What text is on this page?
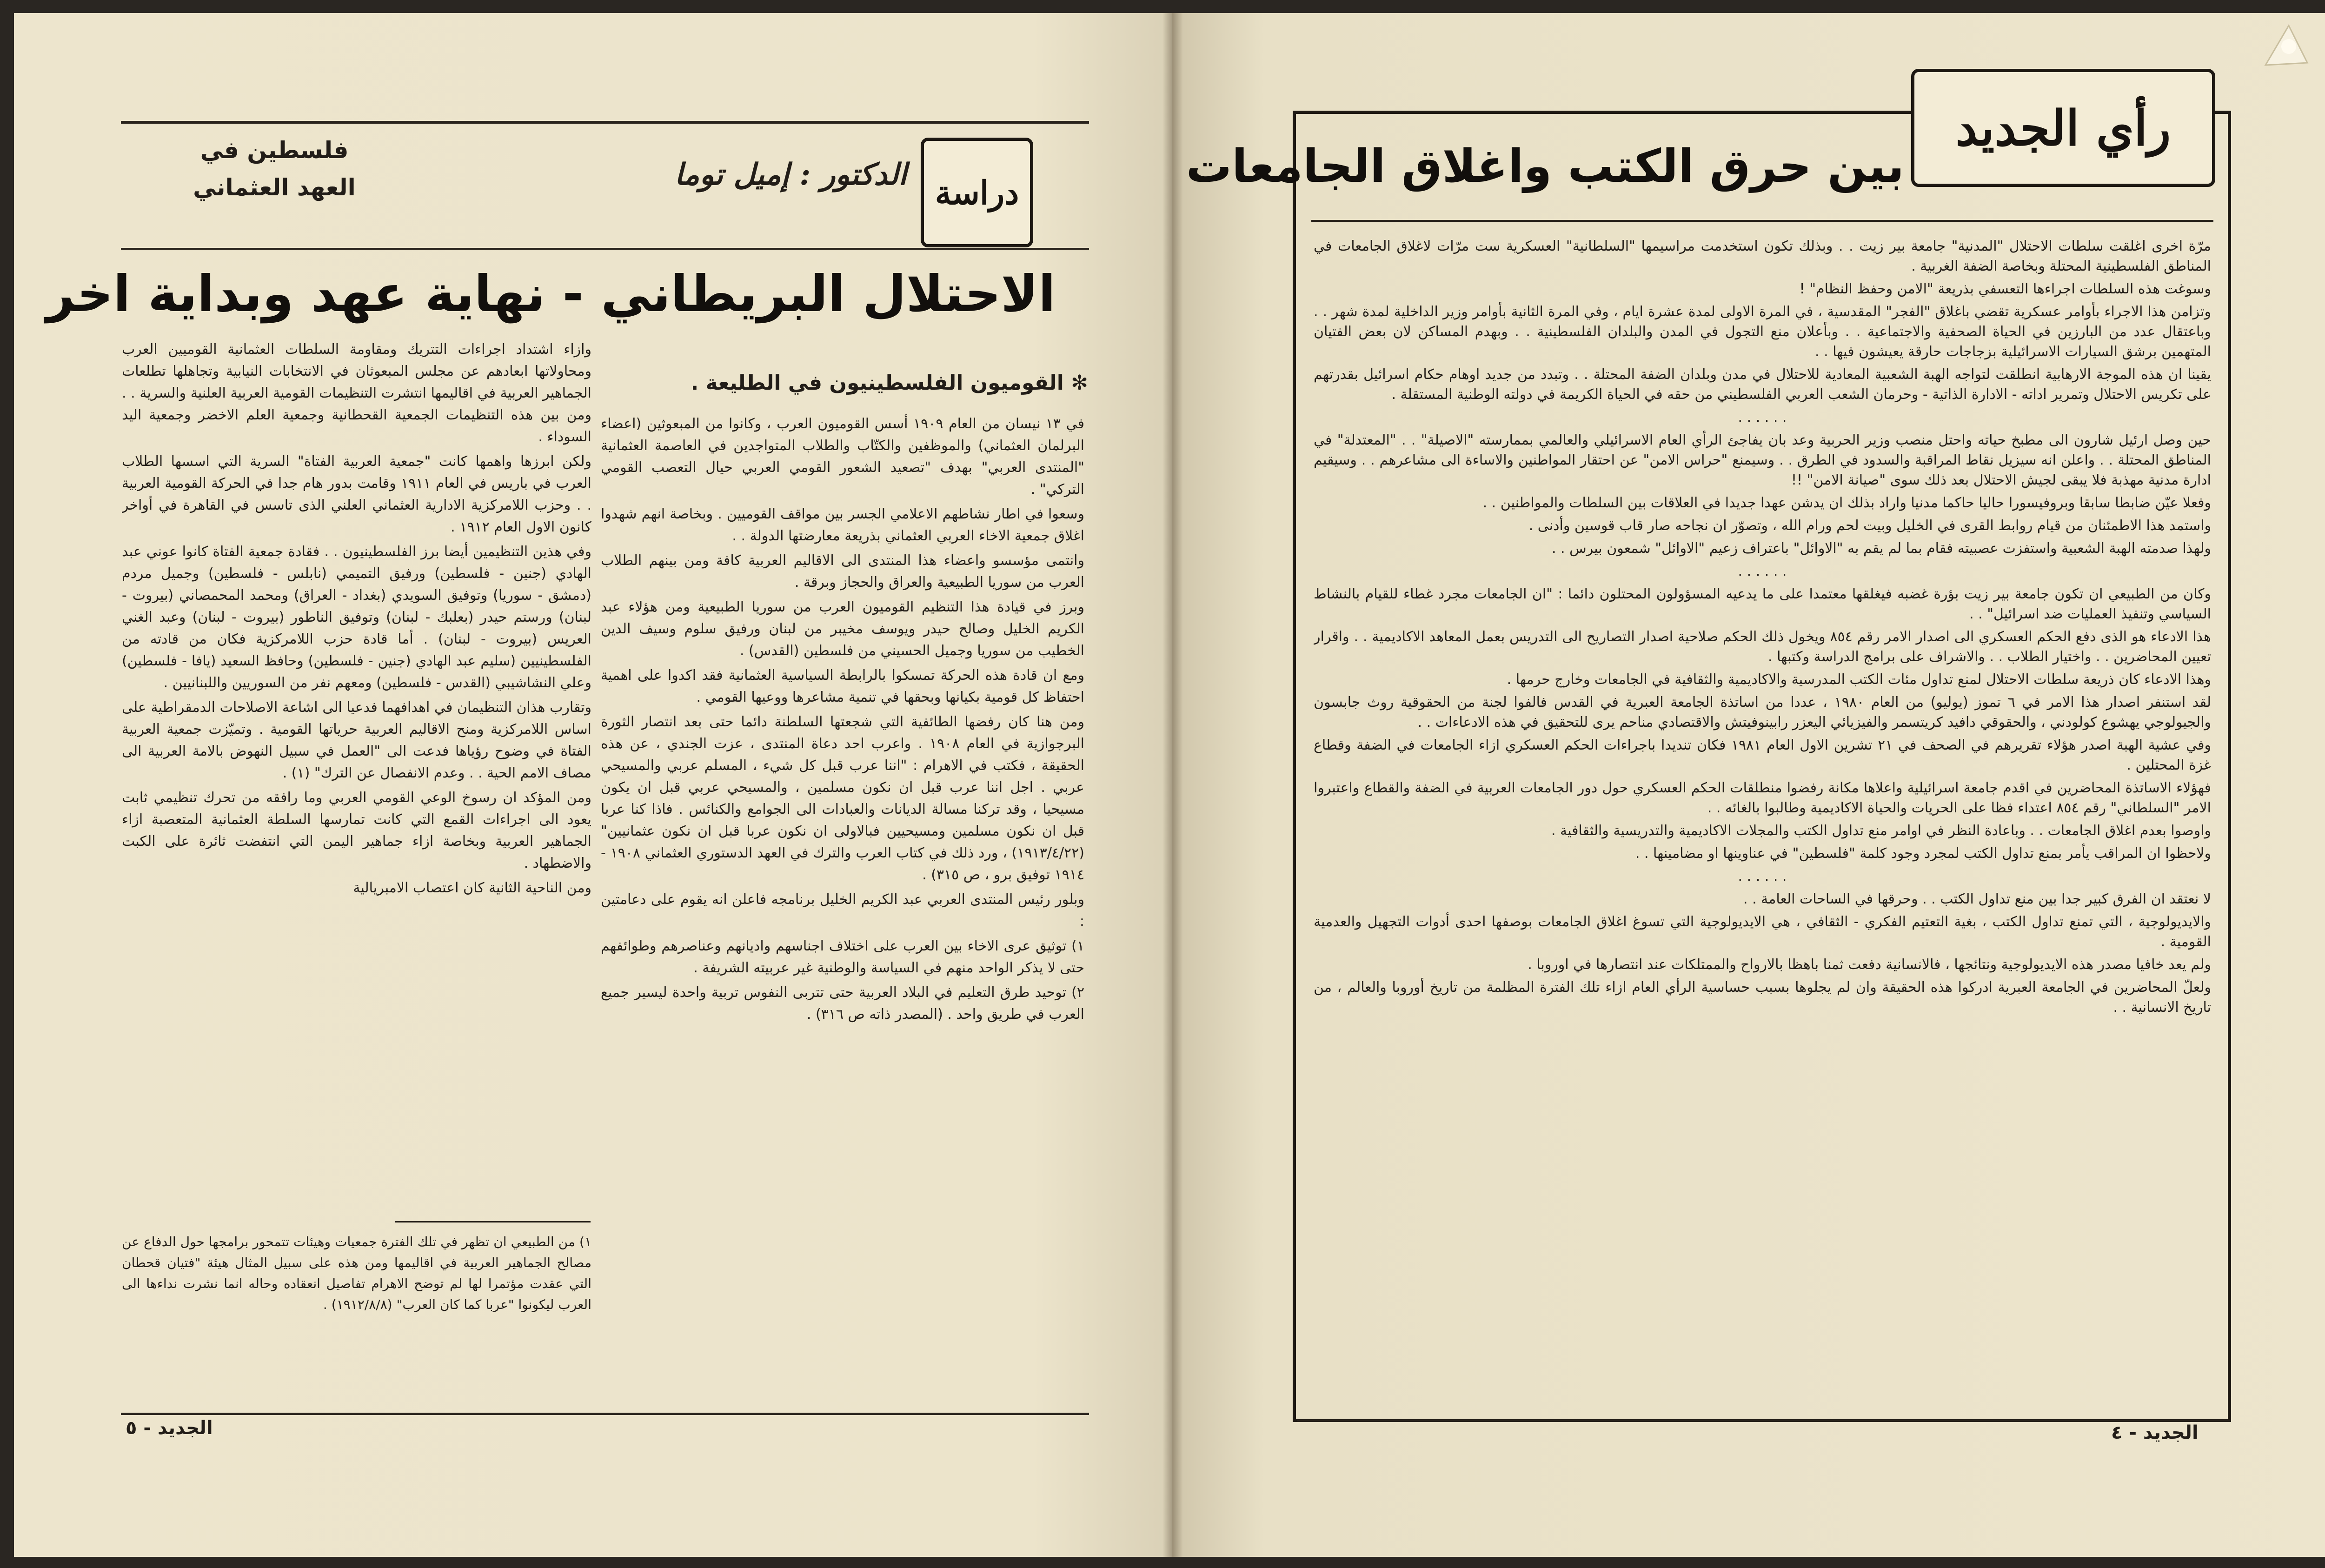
فلسطين في
العهد العثماني	الدكتور : إميل توما دراسة
الاحتلال البريطاني - نهاية عهد وبداية اخر
✻ القوميون الفلسطينيون في الطليعة .

في ١٣ نيسان من العام ١٩٠٩ أسس القوميون العرب ، وكانوا من المبعوثين (اعضاء البرلمان العثماني) والموظفين والكتّاب والطلاب المتواجدين في العاصمة العثمانية "المنتدى العربي" بهدف "تصعيد الشعور القومي العربي حيال التعصب القومي التركي" .

وسعوا في اطار نشاطهم الاعلامي الجسر بين مواقف القوميين . وبخاصة انهم شهدوا اغلاق جمعية الاخاء العربي العثماني بذريعة معارضتها الدولة . .

وانتمى مؤسسو واعضاء هذا المنتدى الى الاقاليم العربية كافة ومن بينهم الطلاب العرب من سوريا الطبيعية والعراق والحجاز وبرقة .

وبرز في قيادة هذا التنظيم القوميون العرب من سوريا الطبيعية ومن هؤلاء عبد الكريم الخليل وصالح حيدر ويوسف مخيبر من لبنان ورفيق سلوم وسيف الدين الخطيب من سوريا وجميل الحسيني من فلسطين (القدس) .

ومع ان قادة هذه الحركة تمسكوا بالرابطة السياسية العثمانية فقد اكدوا على اهمية احتفاظ كل قومية بكيانها وبحقها في تنمية مشاعرها ووعيها القومي .

ومن هنا كان رفضها الطائفية التي شجعتها السلطنة دائما حتى بعد انتصار الثورة البرجوازية في العام ١٩٠٨ . واعرب احد دعاة المنتدى ، عزت الجندي ، عن هذه الحقيقة ، فكتب في الاهرام : "اننا عرب قبل كل شيء ، المسلم عربي والمسيحي عربي . اجل اننا عرب قبل ان نكون مسلمين ، والمسيحي عربي قبل ان يكون مسيحيا ، وقد تركنا مسالة الديانات والعبادات الى الجوامع والكنائس . فاذا كنا عربا قبل ان نكون مسلمين ومسيحيين فبالاولى ان نكون عربا قبل ان نكون عثمانيين" (١٩١٣/٤/٢٢) ، ورد ذلك في كتاب العرب والترك في العهد الدستوري العثماني ١٩٠٨ - ١٩١٤ توفيق برو ، ص ٣١٥) .

وبلور رئيس المنتدى العربي عبد الكريم الخليل برنامجه فاعلن انه يقوم على دعامتين :

١) توثيق عرى الاخاء بين العرب على اختلاف اجناسهم واديانهم وعناصرهم وطوائفهم حتى لا يذكر الواحد منهم في السياسة والوطنية غير عربيته الشريفة .

٢) توحيد طرق التعليم في البلاد العربية حتى تتربى النفوس تربية واحدة ليسير جميع العرب في طريق واحد . (المصدر ذاته ص ٣١٦) .

وازاء اشتداد اجراءات التتريك ومقاومة السلطات العثمانية القوميين العرب ومحاولاتها ابعادهم عن مجلس المبعوثان في الانتخابات النيابية وتجاهلها تطلعات الجماهير العربية في اقاليمها انتشرت التنظيمات القومية العربية العلنية والسرية . . ومن بين هذه التنظيمات الجمعية القحطانية وجمعية العلم الاخضر وجمعية اليد السوداء .

ولكن ابرزها واهمها كانت "جمعية العربية الفتاة" السرية التي اسسها الطلاب العرب في باريس في العام ١٩١١ وقامت بدور هام جدا في الحركة القومية العربية . . وحزب اللامركزية الادارية العثماني العلني الذى تاسس في القاهرة في أواخر كانون الاول العام ١٩١٢ .

وفي هذين التنظيمين أيضا برز الفلسطينيون . . فقادة جمعية الفتاة كانوا عوني عبد الهادي (جنين - فلسطين) ورفيق التميمي (نابلس - فلسطين) وجميل مردم (دمشق - سوريا) وتوفيق السويدي (بغداد - العراق) ومحمد المحمصاني (بيروت - لبنان) ورستم حيدر (بعلبك - لبنان) وتوفيق الناطور (بيروت - لبنان) وعبد الغني العريس (بيروت - لبنان) . أما قادة حزب اللامركزية فكان من قادته من الفلسطينيين (سليم عبد الهادي (جنين - فلسطين) وحافظ السعيد (يافا - فلسطين) وعلي النشاشيبي (القدس - فلسطين) ومعهم نفر من السوريين واللبنانيين .

وتقارب هذان التنظيمان في اهدافهما فدعيا الى اشاعة الاصلاحات الدمقراطية على اساس اللامركزية ومنح الاقاليم العربية حرياتها القومية . وتميّزت جمعية العربية الفتاة في وضوح رؤياها فدعت الى "العمل في سبيل النهوض بالامة العربية الى مصاف الامم الحية . . وعدم الانفصال عن الترك" (١) .

ومن المؤكد ان رسوخ الوعي القومي العربي وما رافقه من تحرك تنظيمي ثابت يعود الى اجراءات القمع التي كانت تمارسها السلطة العثمانية المتعصبة ازاء الجماهير العربية وبخاصة ازاء جماهير اليمن التي انتفضت ثائرة على الكبت والاضطهاد .

ومن الناحية الثانية كان اعتصاب الامبريالية

١) من الطبيعي ان تظهر في تلك الفترة جمعيات وهيئات تتمحور برامجها حول الدفاع عن مصالح الجماهير العربية في اقاليمها ومن هذه على سبيل المثال هيئة "فتيان قحطان التي عقدت مؤتمرا لها لم توضح الاهرام تفاصيل انعقاده وحاله انما نشرت نداءها الى العرب ليكونوا "عربا كما كان العرب" (١٩١٢/٨/٨) .

الجديد - ٥
رأي الجديد
بين حرق الكتب واغلاق الجامعات

مرّة اخرى اغلقت سلطات الاحتلال "المدنية" جامعة بير زيت . . وبذلك تكون استخدمت مراسيمها "السلطانية" العسكرية ست مرّات لاغلاق الجامعات في المناطق الفلسطينية المحتلة وبخاصة الضفة الغربية .

وسوغت هذه السلطات اجراءها التعسفي بذريعة "الامن وحفظ النظام" !

وتزامن هذا الاجراء بأوامر عسكرية تقضي باغلاق "الفجر" المقدسية ، في المرة الاولى لمدة عشرة ايام ، وفي المرة الثانية بأوامر وزير الداخلية لمدة شهر . . وباعتقال عدد من البارزين في الحياة الصحفية والاجتماعية . . وبأعلان منع التجول في المدن والبلدان الفلسطينية . . وبهدم المساكن لان بعض الفتيان المتهمين برشق السيارات الاسرائيلية بزجاجات حارقة يعيشون فيها . .

يقينا ان هذه الموجة الارهابية انطلقت لتواجه الهبة الشعبية المعادية للاحتلال في مدن وبلدان الضفة المحتلة . . وتبدد من جديد اوهام حكام اسرائيل بقدرتهم على تكريس الاحتلال وتمرير اداته - الادارة الذاتية - وحرمان الشعب العربي الفلسطيني من حقه في الحياة الكريمة في دولته الوطنية المستقلة .

. . . . . .

حين وصل ارئيل شارون الى مطبخ حياته واحتل منصب وزير الحربية وعد بان يفاجئ الرأي العام الاسرائيلي والعالمي بممارسته "الاصيلة" . . "المعتدلة" في المناطق المحتلة . . واعلن انه سيزيل نقاط المراقبة والسدود في الطرق . . وسيمنع "حراس الامن" عن احتقار المواطنين والاساءة الى مشاعرهم . . وسيقيم ادارة مدنية مهذبة فلا يبقى لجيش الاحتلال بعد ذلك سوى "صيانة الامن" !!

وفعلا عيّن ضابطا سابقا وبروفيسورا حاليا حاكما مدنيا واراد بذلك ان يدشن عهدا جديدا في العلاقات بين السلطات والمواطنين . .

واستمد هذا الاطمئنان من قيام روابط القرى في الخليل وبيت لحم ورام الله ، وتصوّر ان نجاحه صار قاب قوسين وأدنى .

ولهذا صدمته الهبة الشعبية واستفزت عصبيته فقام بما لم يقم به "الاوائل" باعتراف زعيم "الاوائل" شمعون بيرس . .

. . . . . .

وكان من الطبيعي ان تكون جامعة بير زيت بؤرة غضبه فيغلقها معتمدا على ما يدعيه المسؤولون المحتلون دائما : "ان الجامعات مجرد غطاء للقيام بالنشاط السياسي وتنفيذ العمليات ضد اسرائيل" . .

هذا الادعاء هو الذى دفع الحكم العسكري الى اصدار الامر رقم ٨٥٤ ويخول ذلك الحكم صلاحية اصدار التصاريح الى التدريس بعمل المعاهد الاكاديمية . . واقرار تعيين المحاضرين . . واختيار الطلاب . . والاشراف على برامج الدراسة وكتبها .

وهذا الادعاء كان ذريعة سلطات الاحتلال لمنع تداول مئات الكتب المدرسية والاكاديمية والثقافية في الجامعات وخارج حرمها .

لقد استنفر اصدار هذا الامر في ٦ تموز (يوليو) من العام ١٩٨٠ ، عددا من اساتذة الجامعة العبرية في القدس فالفوا لجنة من الحقوقية روث جابسون والجيولوجي يهشوع كولودني ، والحقوقي دافيد كريتسمر والفيزيائي اليعزر رابينوفيتش والاقتصادي مناحم يرى للتحقيق في هذه الادعاءات . .

وفي عشية الهبة اصدر هؤلاء تقريرهم في الصحف في ٢١ تشرين الاول العام ١٩٨١ فكان تنديدا باجراءات الحكم العسكري ازاء الجامعات في الضفة وقطاع غزة المحتلين .

فهؤلاء الاساتذة المحاضرين في اقدم جامعة اسرائيلية واعلاها مكانة رفضوا منطلقات الحكم العسكري حول دور الجامعات العربية في الضفة والقطاع واعتبروا الامر "السلطاني" رقم ٨٥٤ اعتداء فظا على الحريات والحياة الاكاديمية وطالبوا بالغائه . .

واوصوا بعدم اغلاق الجامعات . . وباعادة النظر في اوامر منع تداول الكتب والمجلات الاكاديمية والتدريسية والثقافية .

ولاحظوا ان المراقب يأمر بمنع تداول الكتب لمجرد وجود كلمة "فلسطين" في عناوينها او مضامينها . .

. . . . . .

لا نعتقد ان الفرق كبير جدا بين منع تداول الكتب . . وحرقها في الساحات العامة . .

والايديولوجية ، التي تمنع تداول الكتب ، بغية التعتيم الفكري - الثقافي ، هي الايديولوجية التي تسوغ اغلاق الجامعات بوصفها احدى أدوات التجهيل والعدمية القومية .

ولم يعد خافيا مصدر هذه الايديولوجية ونتائجها ، فالانسانية دفعت ثمنا باهظا بالارواح والممتلكات عند انتصارها في اوروبا .

ولعلّ المحاضرين في الجامعة العبرية ادركوا هذه الحقيقة وان لم يجلوها بسبب حساسية الرأي العام ازاء تلك الفترة المظلمة من تاريخ أوروبا والعالم ، من تاريخ الانسانية . .

الجديد - ٤
